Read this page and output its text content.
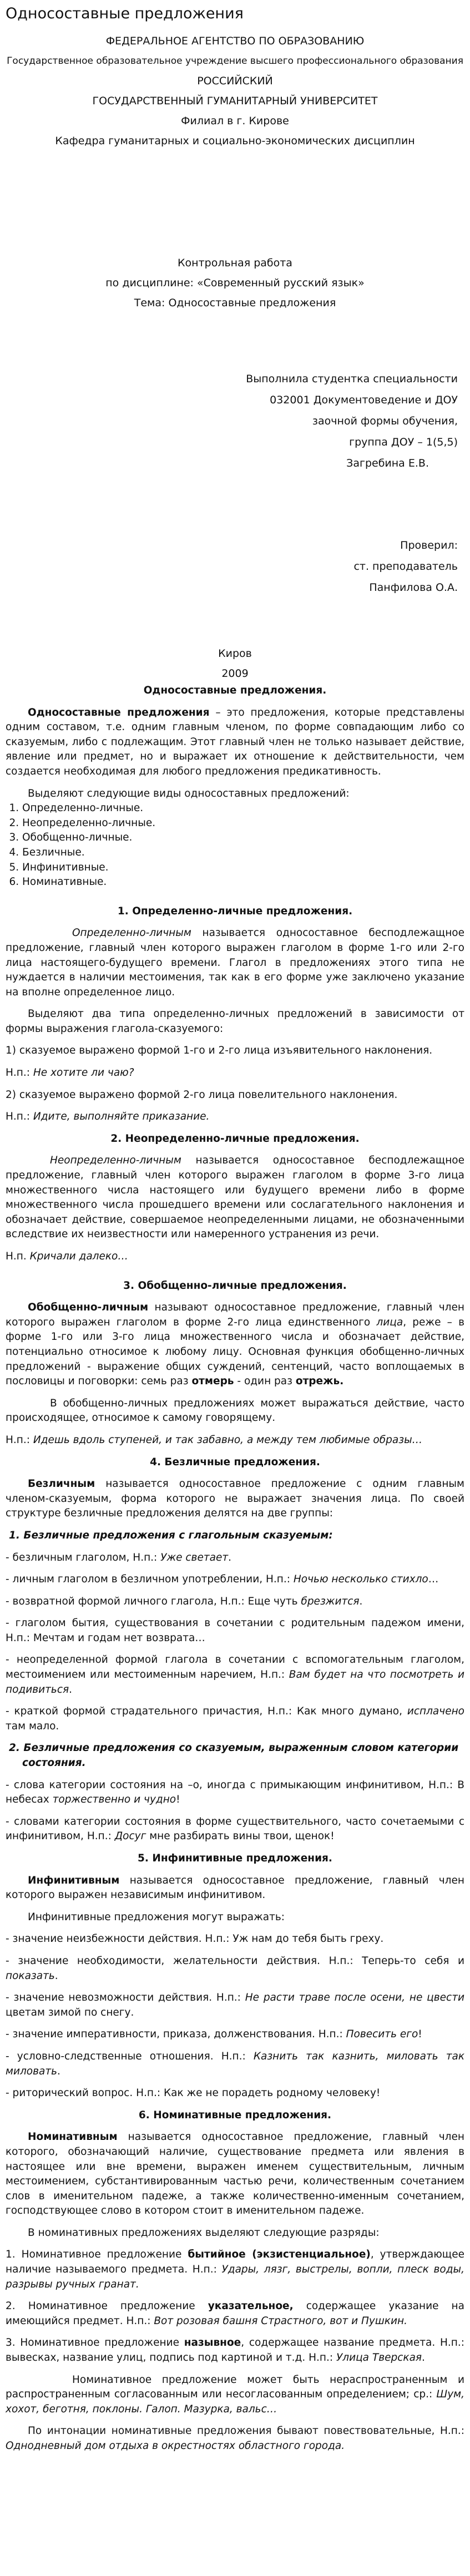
Односоставные предложения

ФЕДЕРАЛЬНОЕ АГЕНТСТВО ПО ОБРАЗОВАНИЮ

Государственное образовательное учреждение высшего профессионального образования

РОССИЙСКИЙ

ГОСУДАРСТВЕННЫЙ ГУМАНИТАРНЫЙ УНИВЕРСИТЕТ

Филиал в г. Кирове

Кафедра гуманитарных и социально-экономических дисциплин

Контрольная работа

по дисциплине: «Современный русский язык»

Тема: Односоставные предложения

Выполнила студентка специальности

032001 Документоведение и ДОУ

заочной формы обучения,

группа ДОУ – 1(5,5)

Загребина Е.В.

Проверил:

ст. преподаватель

Панфилова О.А.

Киров

2009

Односоставные предложения.

Односоставные предложения – это предложения, которые представлены одним составом, т.е. одним главным членом, по форме совпадающим либо со сказуемым, либо с подлежащим. Этот главный член не только называет действие, явление или предмет, но и выражает их отношение к действительности, чем создается необходимая для любого предложения предикативность.

Выделяют следующие виды односоставных предложений:

1. Определенно-личные.
2. Неопределенно-личные.
3. Обобщенно-личные.
4. Безличные.
5. Инфинитивные.
6. Номинативные.

1. Определенно-личные предложения.

Определенно-личным называется односоставное бесподлежащное предложение, главный член которого выражен глаголом в форме 1-го или 2-го лица настоящего-будущего времени. Глагол в предложениях этого типа не нуждается в наличии местоимения, так как в его форме уже заключено указание на вполне определенное лицо.

Выделяют два типа определенно-личных предложений в зависимости от формы выражения глагола-сказуемого:

1) сказуемое выражено формой 1-го и 2-го лица изъявительного наклонения.

Н.п.: Не хотите ли чаю?

2) сказуемое выражено формой 2-го лица повелительного наклонения.

Н.п.: Идите, выполняйте приказание.

2. Неопределенно-личные предложения.

Неопределенно-личным называется односоставное бесподлежащное предложение, главный член которого выражен глаголом в форме 3-го лица множественного числа настоящего или будущего времени либо в форме множественного числа прошедшего времени или сослагательного наклонения и обозначает действие, совершаемое неопределенными лицами, не обозначенными вследствие их неизвестности или намеренного устранения из речи.

Н.п. Кричали далеко…

3. Обобщенно-личные предложения.

Обобщенно-личным называют односоставное предложение, главный член которого выражен глаголом в форме 2-го лица единственного лица, реже – в форме 1-го или 3-го лица множественного числа и обозначает действие, потенциально относимое к любому лицу. Основная функция обобщенно-личных предложений - выражение общих суждений, сентенций, часто воплощаемых в пословицы и поговорки: семь раз отмерь - один раз отрежь.

В обобщенно-личных предложениях может выражаться действие, часто происходящее, относимое к самому говорящему.

Н.п.: Идешь вдоль ступеней, и так забавно, а между тем любимые образы…

4. Безличные предложения.

Безличным называется односоставное предложение с одним главным членом-сказуемым, форма которого не выражает значения лица. По своей структуре безличные предложения делятся на две группы:

1. Безличные предложения с глагольным сказуемым:

- безличным глаголом, Н.п.: Уже светает.

- личным глаголом в безличном употреблении, Н.п.: Ночью несколько стихло…

- возвратной формой личного глагола, Н.п.: Еще чуть брезжится.

- глаголом бытия, существования в сочетании с родительным падежом имени, Н.п.: Мечтам и годам нет возврата…

- неопределенной формой глагола в сочетании с вспомогательным глаголом, местоимением или местоименным наречием, Н.п.: Вам будет на что посмотреть и подивиться.

- краткой формой страдательного причастия, Н.п.: Как много думано, исплачено там мало.

2. Безличные предложения со сказуемым, выраженным словом категории состояния.

- слова категории состояния на –о, иногда с примыкающим инфинитивом, Н.п.: В небесах торжественно и чудно!

- словами категории состояния в форме существительного, часто сочетаемыми с инфинитивом, Н.п.: Досуг мне разбирать вины твои, щенок!

5. Инфинитивные предложения.

Инфинитивным называется односоставное предложение, главный член которого выражен независимым инфинитивом.

Инфинитивные предложения могут выражать:

- значение неизбежности действия. Н.п.: Уж нам до тебя быть греху.

- значение необходимости, желательности действия. Н.п.: Теперь-то себя и показать.

- значение невозможности действия. Н.п.: Не расти траве после осени, не цвести цветам зимой по снегу.

- значение императивности, приказа, долженствования. Н.п.: Повесить его!

- условно-следственные отношения. Н.п.: Казнить так казнить, миловать так миловать.

- риторический вопрос. Н.п.: Как же не порадеть родному человеку!

6. Номинативные предложения.

Номинативным называется односоставное предложение, главный член которого, обозначающий наличие, существование предмета или явления в настоящее или вне времени, выражен именем существительным, личным местоимением, субстантивированным частью речи, количественным сочетанием слов в именительном падеже, а также количественно-именным сочетанием, господствующее слово в котором стоит в именительном падеже.

В номинативных предложениях выделяют следующие разряды:

1. Номинативное предложение бытийное (экзистенциальное), утверждающее наличие называемого предмета. Н.п.: Удары, лязг, выстрелы, вопли, плеск воды, разрывы ручных гранат.

2. Номинативное предложение указательное, содержащее указание на имеющийся предмет. Н.п.: Вот розовая башня Страстного, вот и Пушкин.

3. Номинативное предложение назывное, содержащее название предмета. Н.п.: вывесках, название улиц, подпись под картиной и т.д. Н.п.: Улица Тверская.

Номинативное предложение может быть нераспространенным и распространенным согласованным или несогласованным определением; ср.: Шум, хохот, беготня, поклоны. Галоп. Мазурка, вальс…

По интонации номинативные предложения бывают повествовательные, Н.п.: Однодневный дом отдыха в окрестностях областного города.
